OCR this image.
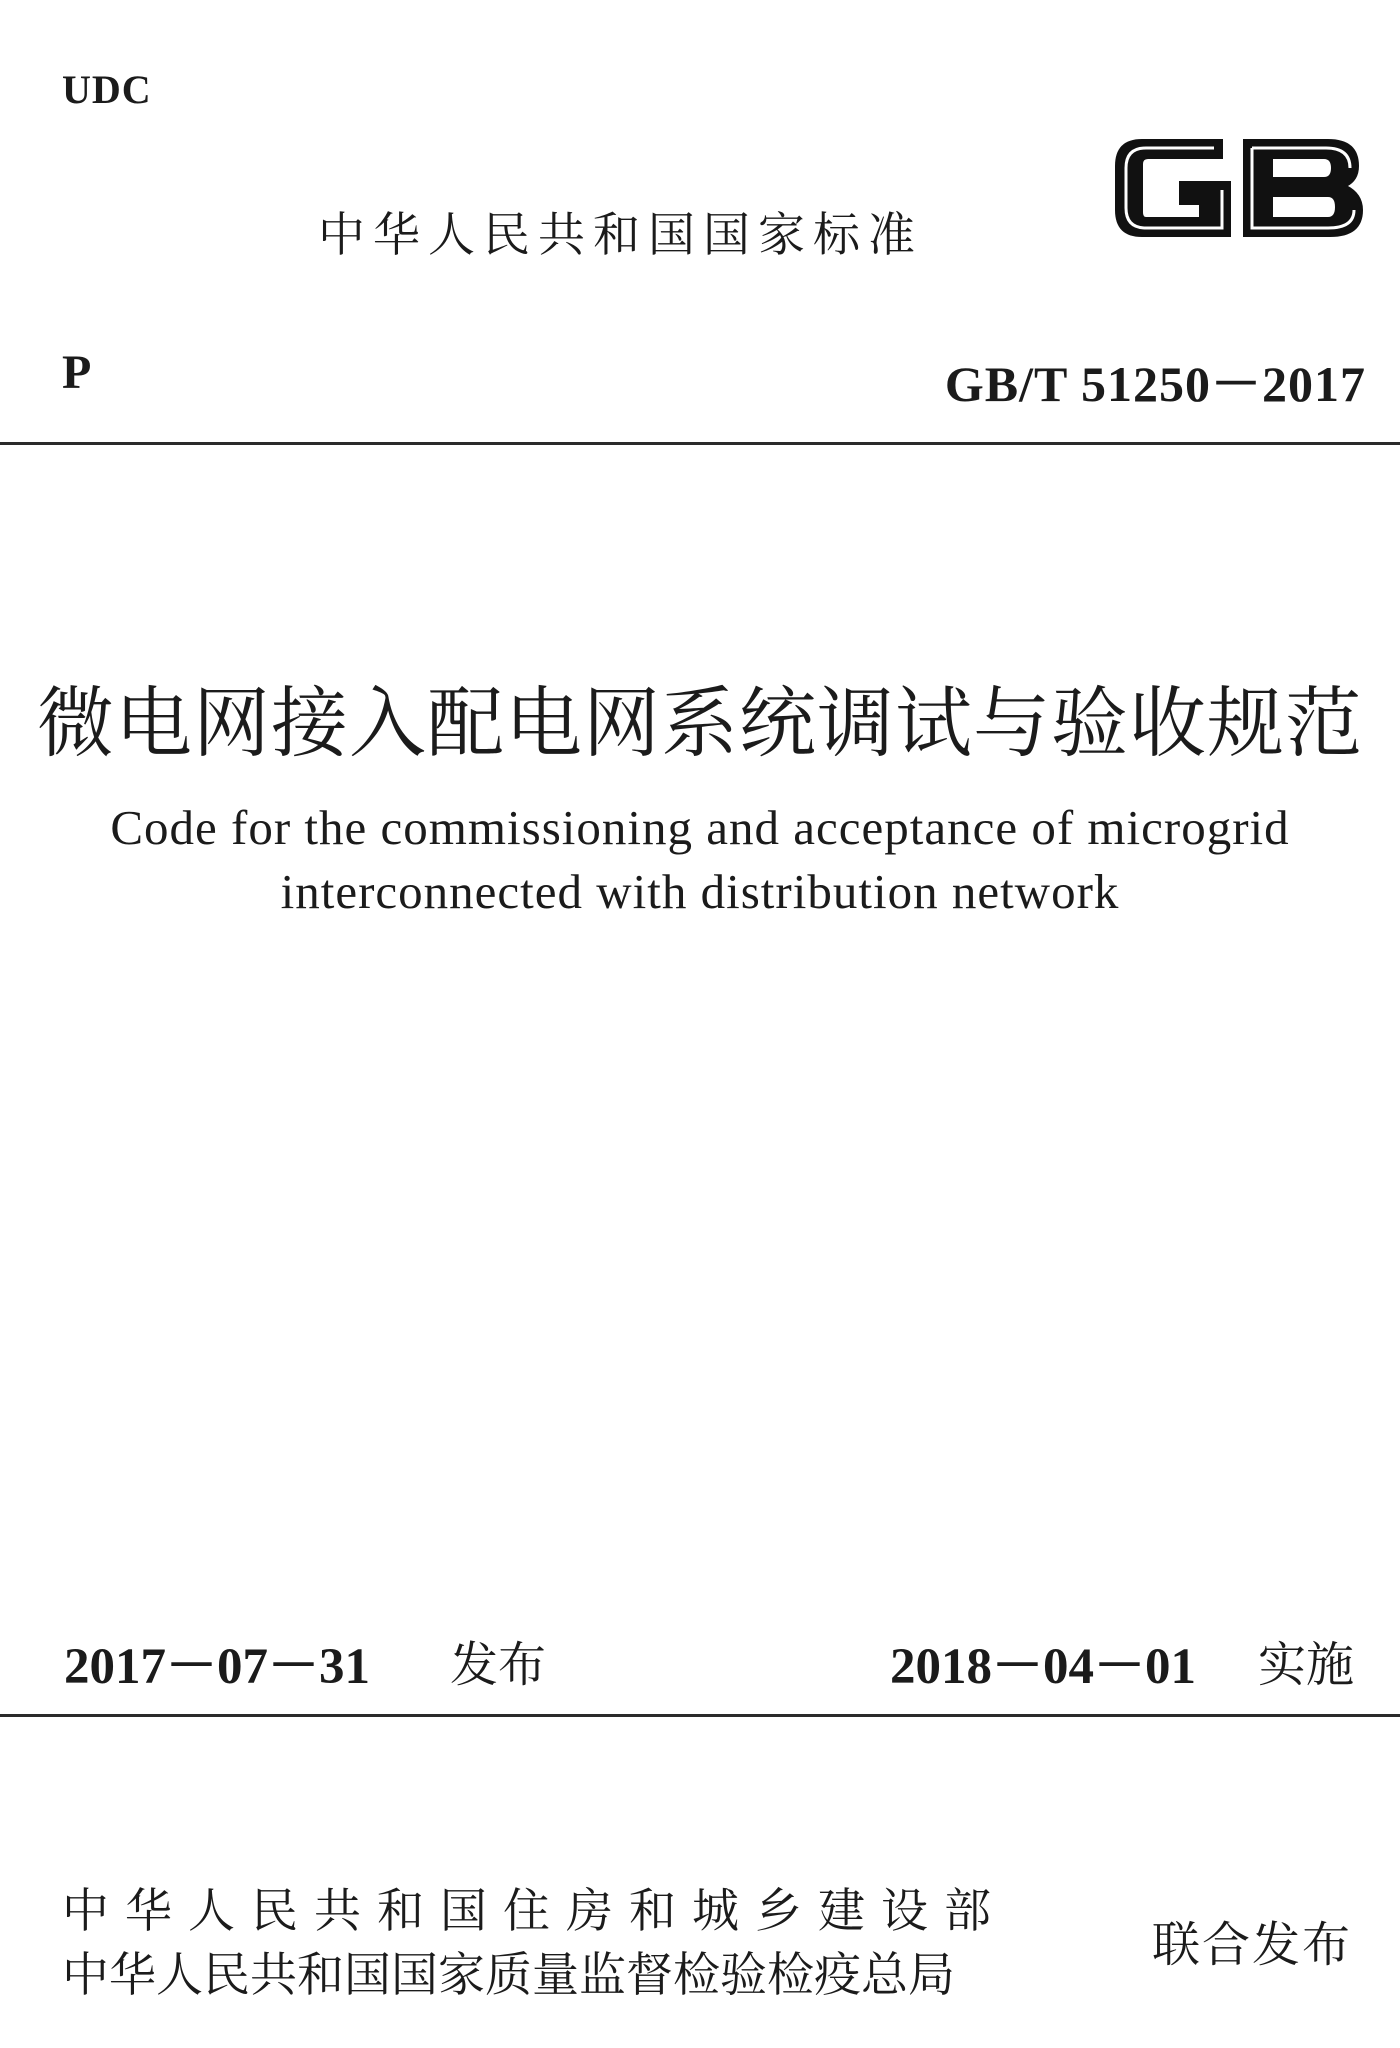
UDC
中华人民共和国国家标准
P	GB/T 51250－2017
微电网接入配电网系统调试与验收规范
Code for the commissioning and acceptance of microgrid
interconnected with distribution network
2017－07－31 发布	2018－04－01 实施
中华人民共和国住房和城乡建设部
中华人民共和国国家质量监督检验检疫总局
联合发布
